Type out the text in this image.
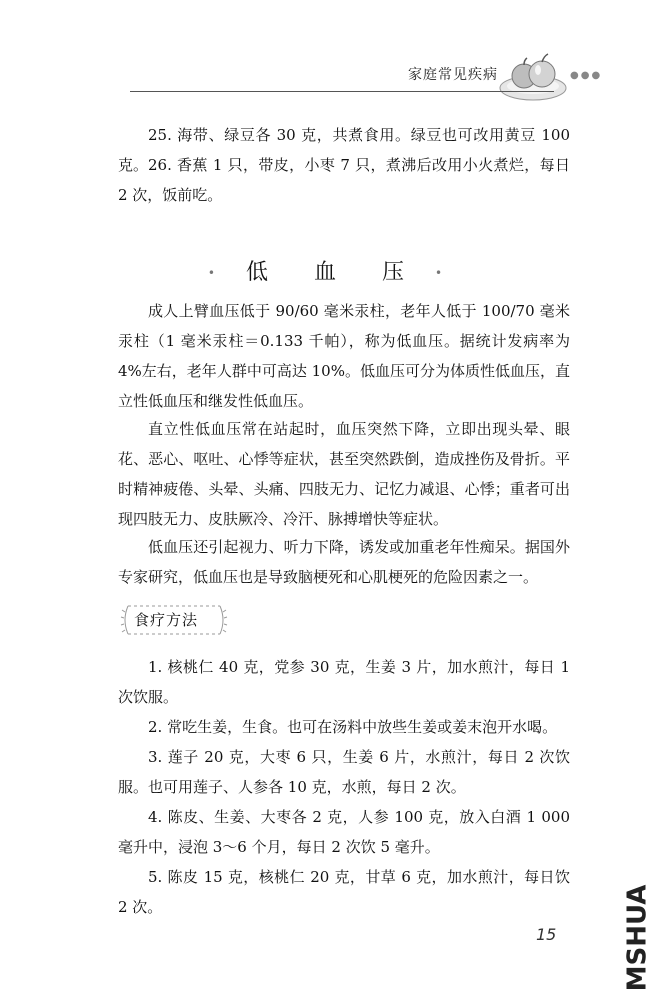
家庭常见疾病	●●●

25. 海带、绿豆各 30 克，共煮食用。绿豆也可改用黄豆 100 克。 26. 香蕉 1 只，带皮，小枣 7 只，煮沸后改用小火煮烂，每日 2 次，饭前吃。

• 低　血　压 •

成人上臂血压低于 90/60 毫米汞柱，老年人低于 100/70 毫米汞柱（1 毫米汞柱＝0.133 千帕），称为低血压。据统计发病率为 4%左右，老年人群中可高达 10%。低血压可分为体质性低血压，直立性低血压和继发性低血压。

直立性低血压常在站起时，血压突然下降，立即出现头晕、眼花、恶心、呕吐、心悸等症状，甚至突然跌倒，造成挫伤及骨折。平时精神疲倦、头晕、头痛、四肢无力、记忆力减退、心悸；重者可出现四肢无力、皮肤厥冷、冷汗、脉搏增快等症状。

低血压还引起视力、听力下降，诱发或加重老年性痴呆。据国外专家研究，低血压也是导致脑梗死和心肌梗死的危险因素之一。

食疗方法

1. 核桃仁 40 克，党参 30 克，生姜 3 片，加水煎汁，每日 1 次饮服。

2. 常吃生姜，生食。也可在汤料中放些生姜或姜末泡开水喝。

3. 莲子 20 克，大枣 6 只，生姜 6 片，水煎汁，每日 2 次饮服。也可用莲子、人参各 10 克，水煎，每日 2 次。

4. 陈皮、生姜、大枣各 2 克，人参 100 克，放入白酒 1 000 毫升中，浸泡 3～6 个月，每日 2 次饮 5 毫升。

5. 陈皮 15 克，核桃仁 20 克，甘草 6 克，加水煎汁，每日饮 2 次。

15	MSHUA
